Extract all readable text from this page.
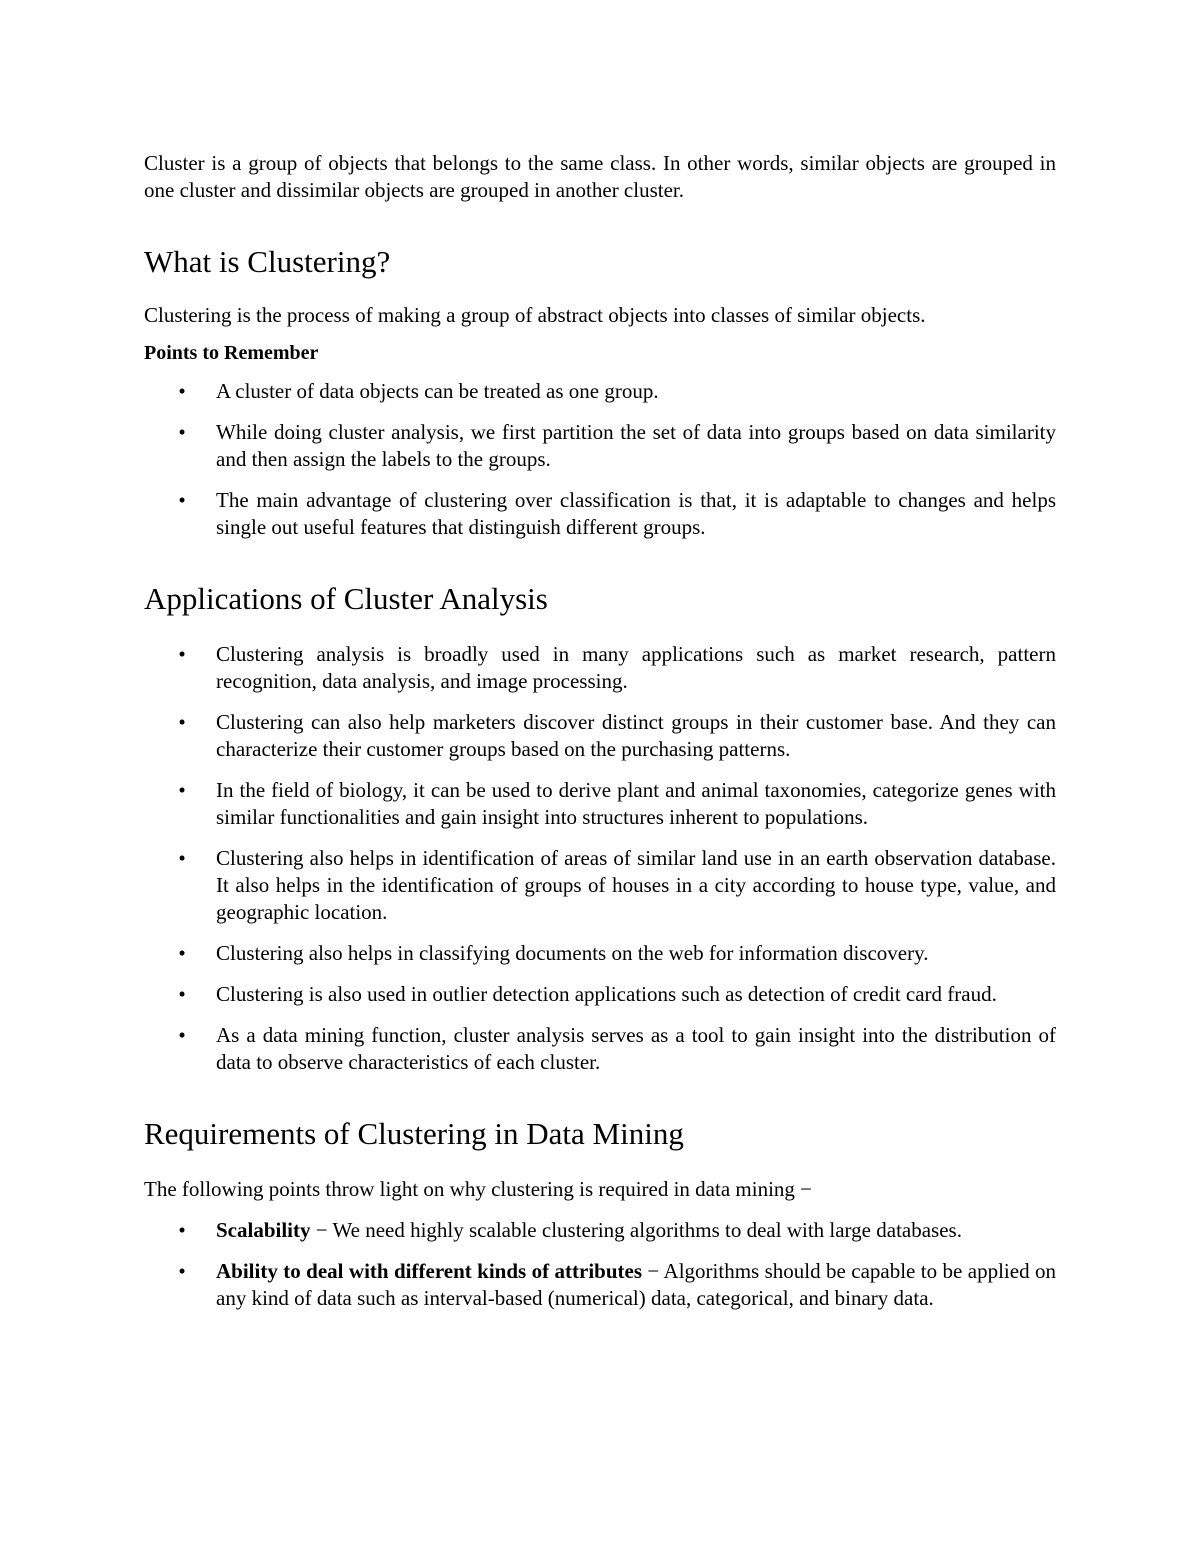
Cluster is a group of objects that belongs to the same class. In other words, similar objects are grouped in one cluster and dissimilar objects are grouped in another cluster.

What is Clustering?

Clustering is the process of making a group of abstract objects into classes of similar objects.

Points to Remember

• A cluster of data objects can be treated as one group.
• While doing cluster analysis, we first partition the set of data into groups based on data similarity and then assign the labels to the groups.
• The main advantage of clustering over classification is that, it is adaptable to changes and helps single out useful features that distinguish different groups.
Applications of Cluster Analysis
• Clustering analysis is broadly used in many applications such as market research, pattern recognition, data analysis, and image processing.
• Clustering can also help marketers discover distinct groups in their customer base. And they can characterize their customer groups based on the purchasing patterns.
• In the field of biology, it can be used to derive plant and animal taxonomies, categorize genes with similar functionalities and gain insight into structures inherent to populations.
• Clustering also helps in identification of areas of similar land use in an earth observation database. It also helps in the identification of groups of houses in a city according to house type, value, and geographic location.
• Clustering also helps in classifying documents on the web for information discovery.
• Clustering is also used in outlier detection applications such as detection of credit card fraud.
• As a data mining function, cluster analysis serves as a tool to gain insight into the distribution of data to observe characteristics of each cluster.
Requirements of Clustering in Data Mining

The following points throw light on why clustering is required in data mining −

• Scalability − We need highly scalable clustering algorithms to deal with large databases.
• Ability to deal with different kinds of attributes − Algorithms should be capable to be applied on any kind of data such as interval-based (numerical) data, categorical, and binary data.
